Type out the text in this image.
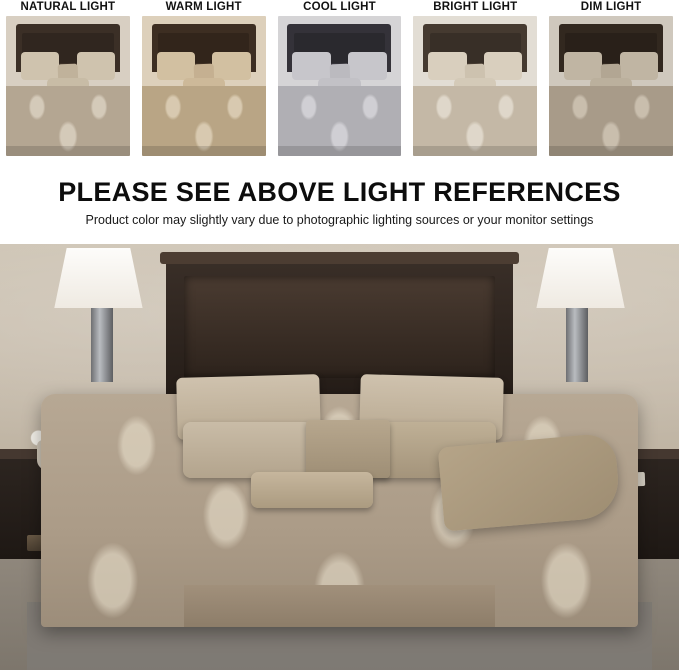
NATURAL LIGHT	WARM LIGHT	COOL LIGHT	BRIGHT LIGHT	DIM LIGHT
PLEASE SEE ABOVE LIGHT REFERENCES
Product color may slightly vary due to photographic lighting sources or your monitor settings
